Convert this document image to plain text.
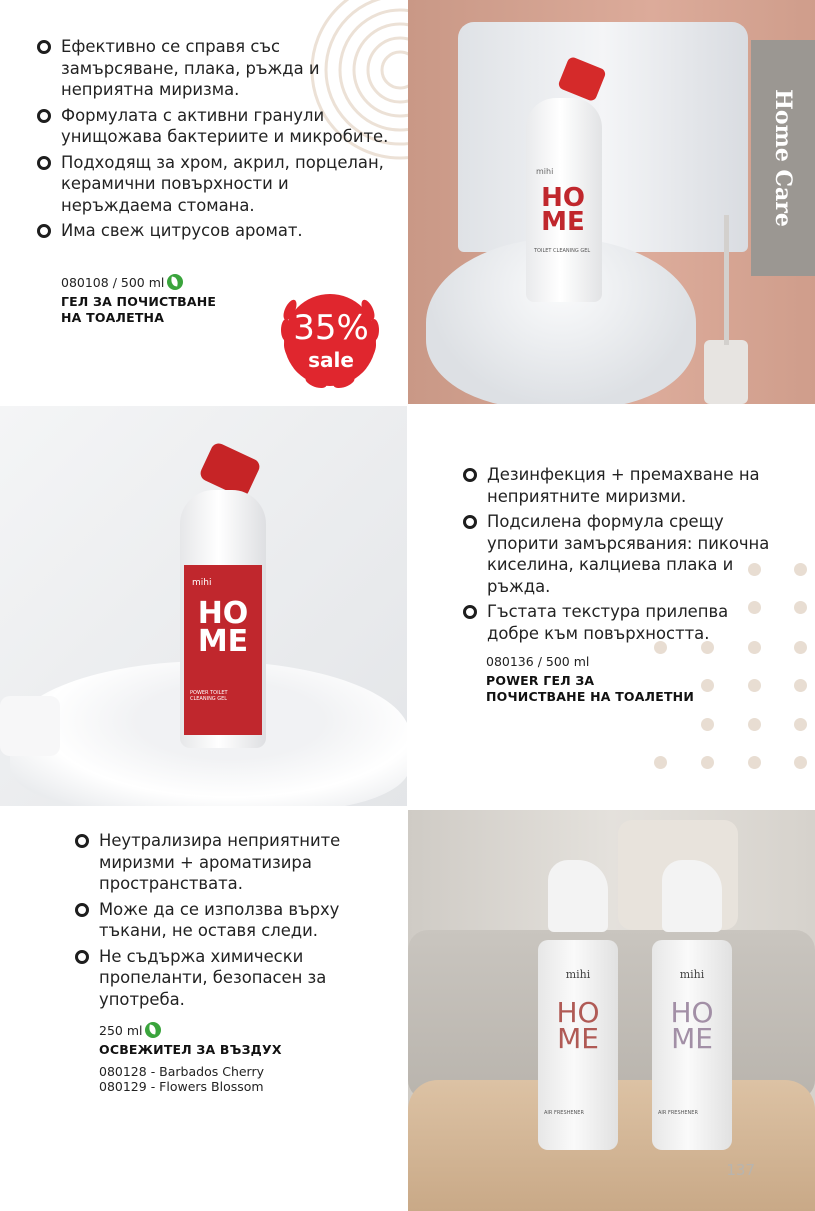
Ефективно се справя със замърсяване, плака, ръжда и неприятна миризма.
Формулата с активни гранули унищожава бактериите и микробите.
Подходящ за хром, акрил, порцелан, керамични повърхности и неръждаема стомана.
Има свеж цитрусов аромат.
080108 / 500 ml
ГЕЛ ЗА ПОЧИСТВАНЕ
НА ТОАЛЕТНА	35%
sale
mihi
HO
ME
TOILET CLEANING GEL
Home Care
mihi
HO
ME
POWER TOILET CLEANING GEL
Дезинфекция + премахване на неприятните миризми.
Подсилена формула срещу упорити замърсявания: пикочна киселина, калциева плака и ръжда.
Гъстата текстура прилепва добре към повърхността.
080136 / 500 ml
POWER ГЕЛ ЗА
ПОЧИСТВАНЕ НА ТОАЛЕТНИ
Неутрализира неприятните миризми + ароматизира пространствата.
Може да се използва върху тъкани, не оставя следи.
Не съдържа химически пропеланти, безопасен за употреба.
250 ml
ОСВЕЖИТЕЛ ЗА ВЪЗДУХ
080128 - Barbados Cherry
080129 - Flowers Blossom
mihi
HO
ME
AIR FRESHENER
mihi
HO
ME
AIR FRESHENER
137
